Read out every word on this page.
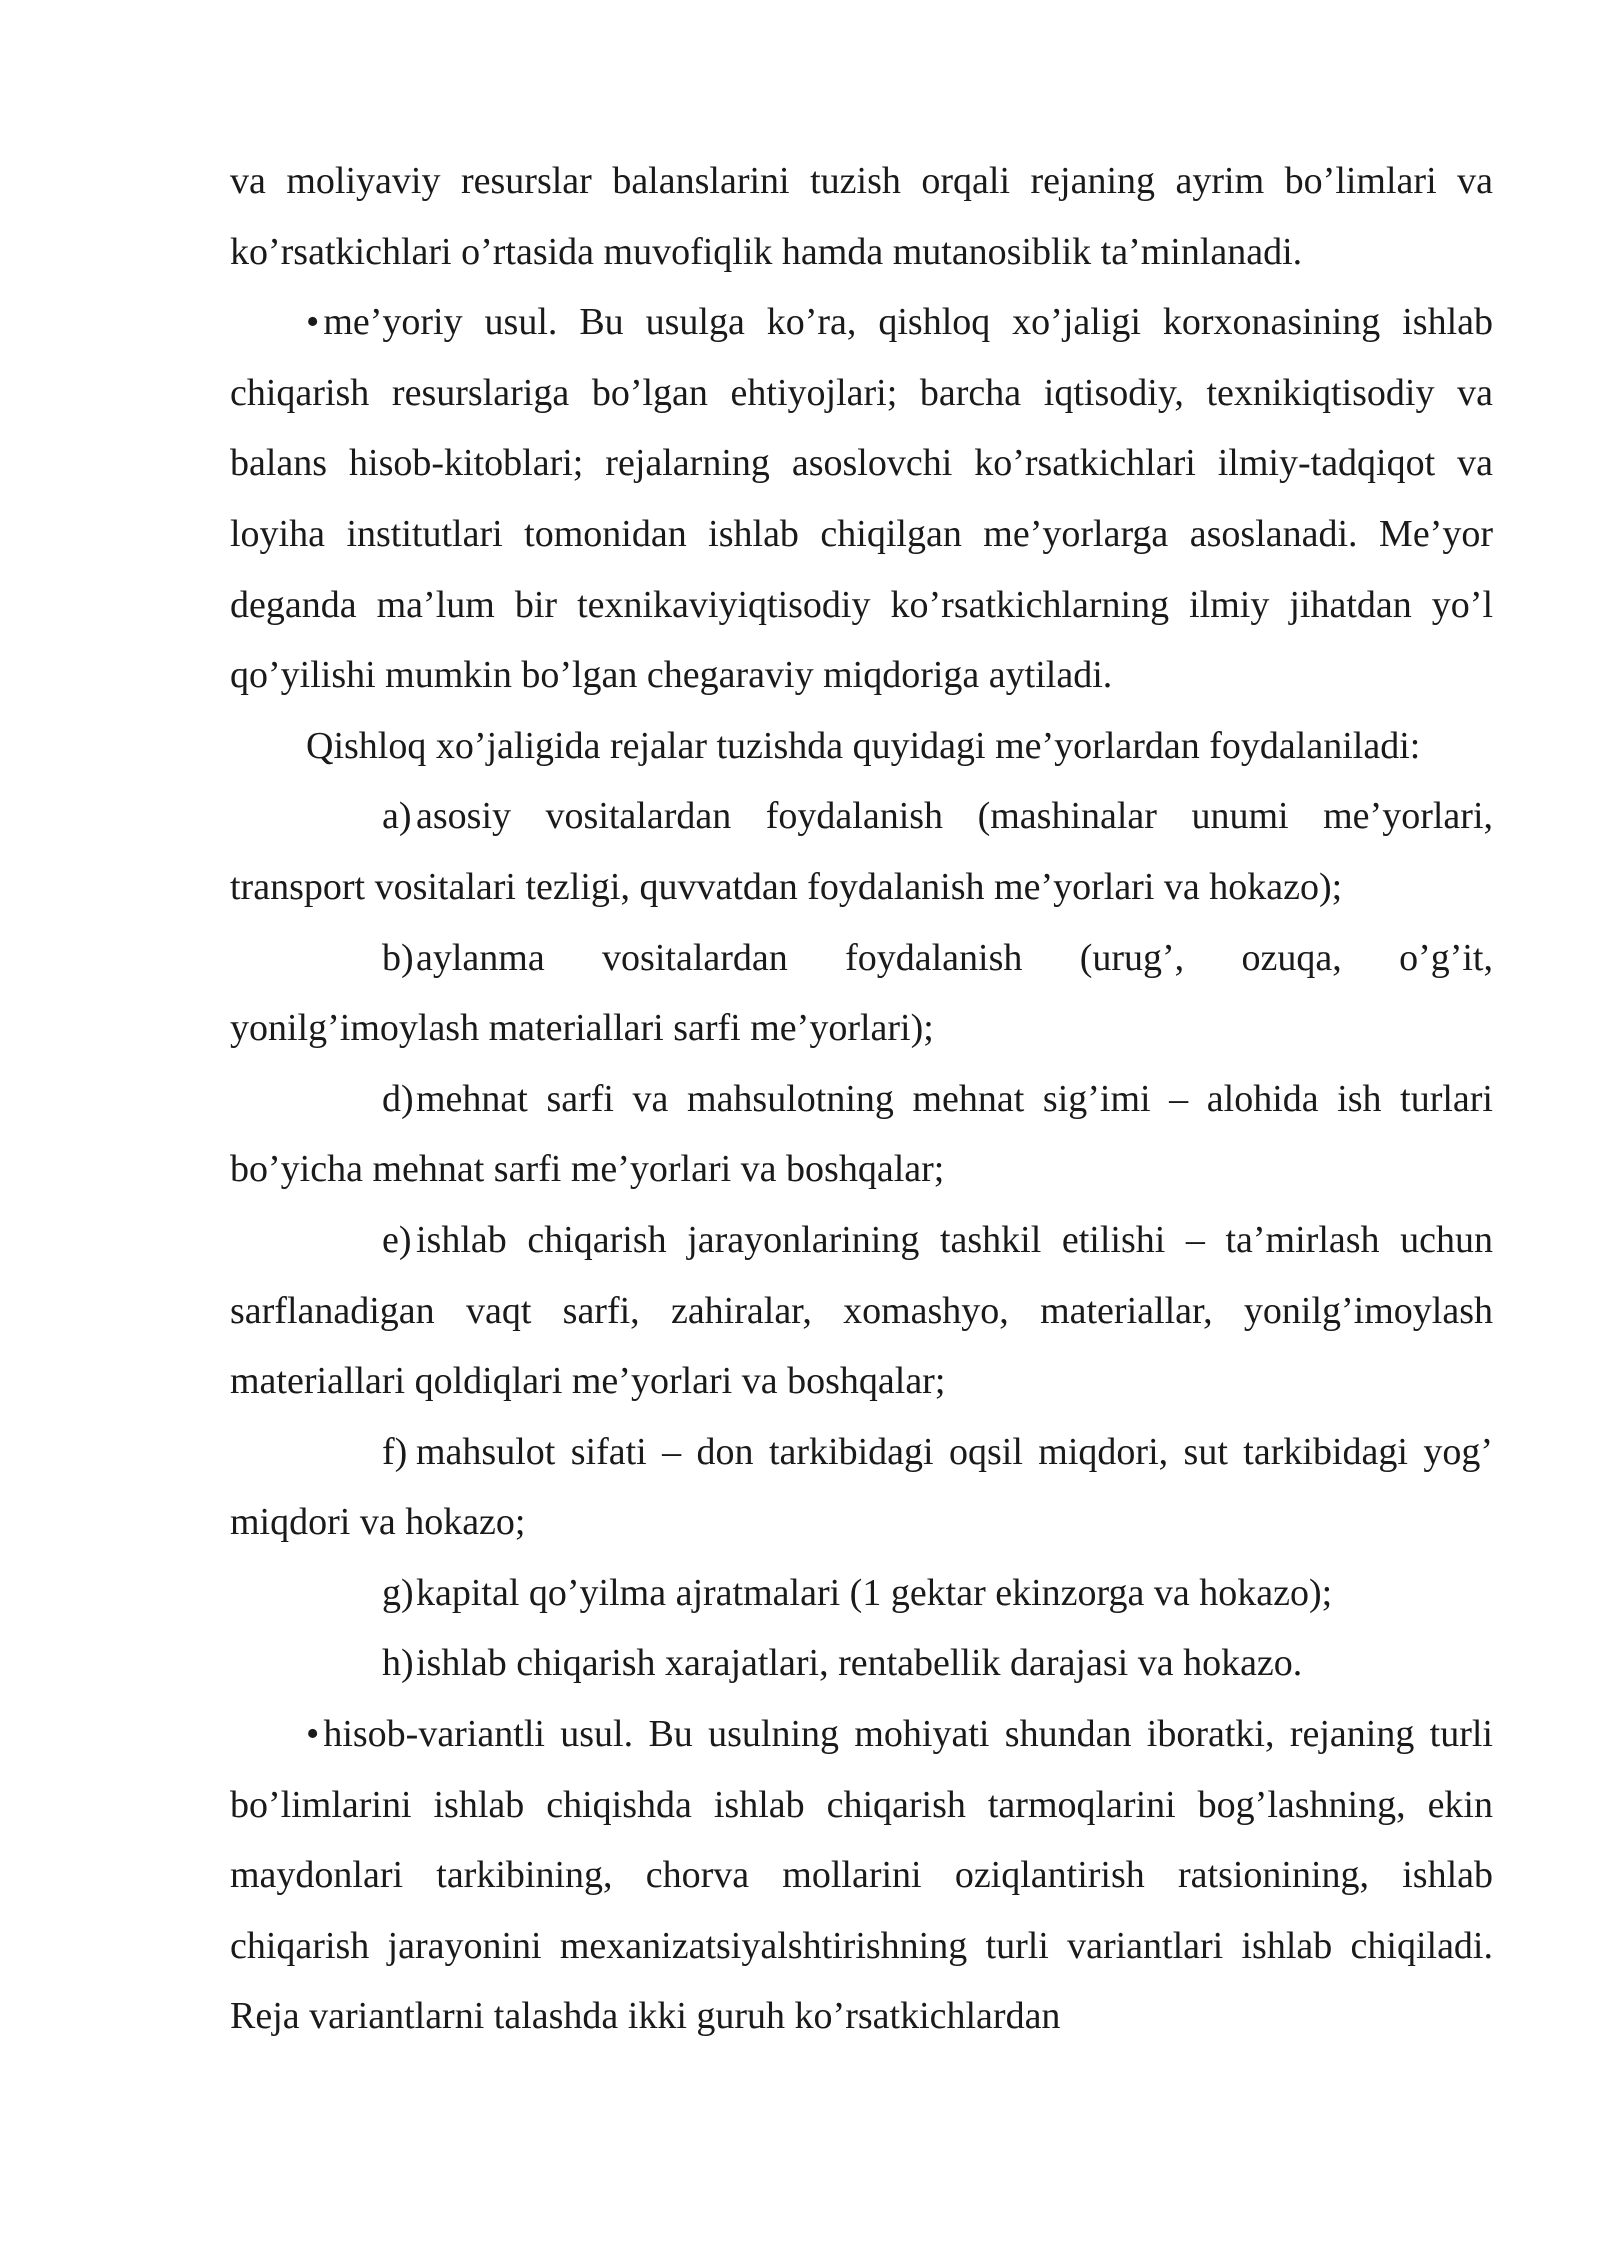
va moliyaviy resurslar balanslarini tuzish orqali rejaning ayrim bo’limlari va ko’rsatkichlari o’rtasida muvofiqlik hamda mutanosiblik ta’minlanadi.

• me’yoriy usul. Bu usulga ko’ra, qishloq xo’jaligi korxonasining ishlab chiqarish resurslariga bo’lgan ehtiyojlari; barcha iqtisodiy, texnikiqtisodiy va balans hisob-kitoblari; rejalarning asoslovchi ko’rsatkichlari ilmiy-tadqiqot va loyiha institutlari tomonidan ishlab chiqilgan me’yorlarga asoslanadi. Me’yor deganda ma’lum bir texnikaviyiqtisodiy ko’rsatkichlarning ilmiy jihatdan yo’l qo’yilishi mumkin bo’lgan chegaraviy miqdoriga aytiladi.

Qishloq xo’jaligida rejalar tuzishda quyidagi me’yorlardan foydalaniladi:

a) asosiy vositalardan foydalanish (mashinalar unumi me’yorlari, transport vositalari tezligi, quvvatdan foydalanish me’yorlari va hokazo);

b)aylanma vositalardan foydalanish (urug’, ozuqa, o’g’it, yonilg’imoylash materiallari sarfi me’yorlari);

d)mehnat sarfi va mahsulotning mehnat sig’imi – alohida ish turlari bo’yicha mehnat sarfi me’yorlari va boshqalar;

e) ishlab chiqarish jarayonlarining tashkil etilishi – ta’mirlash uchun sarflanadigan vaqt sarfi, zahiralar, xomashyo, materiallar, yonilg’imoylash materiallari qoldiqlari me’yorlari va boshqalar;

f) mahsulot sifati – don tarkibidagi oqsil miqdori, sut tarkibidagi yog’ miqdori va hokazo;

g)kapital qo’yilma ajratmalari (1 gektar ekinzorga va hokazo);

h)ishlab chiqarish xarajatlari, rentabellik darajasi va hokazo.

• hisob-variantli usul. Bu usulning mohiyati shundan iboratki, rejaning turli bo’limlarini ishlab chiqishda ishlab chiqarish tarmoqlarini bog’lashning, ekin maydonlari tarkibining, chorva mollarini oziqlantirish ratsionining, ishlab chiqarish jarayonini mexanizatsiyalshtirishning turli variantlari ishlab chiqiladi. Reja variantlarni talashda ikki guruh ko’rsatkichlardan
